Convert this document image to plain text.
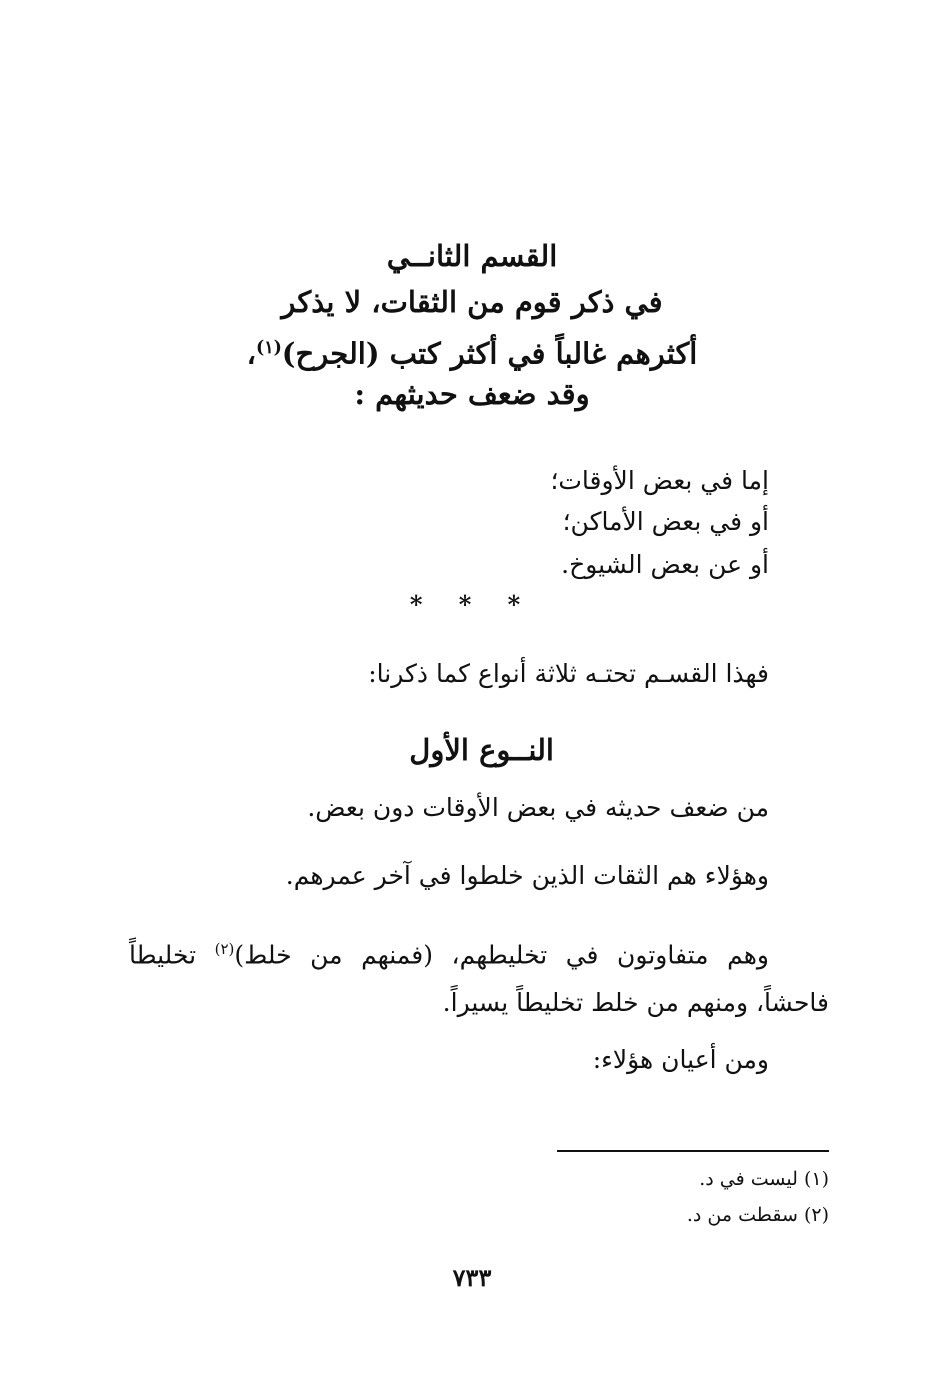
القسم الثانــي
في ذكر قوم من الثقات، لا يذكر
أكثرهم غالباً في أكثر كتب (الجرح)$^{(١)}$،
وقد ضعف حديثهم :
إما في بعض الأوقات؛
أو في بعض الأماكن؛
أو عن بعض الشيوخ.
* * *
فهذا القسـم تحتـه ثلاثة أنواع كما ذكرنا:
النــوع الأول
من ضعف حديثه في بعض الأوقات دون بعض.
وهؤلاء هم الثقات الذين خلطوا في آخر عمرهم.
وهم متفاوتون في تخليطهم، (فمنهم من خلط)$^{(٢)}$ تخليطاً فاحشاً، ومنهم من خلط تخليطاً يسيراً.
ومن أعيان هؤلاء:
(١) ليست في د.
(٢) سقطت من د.
٧٣٣
